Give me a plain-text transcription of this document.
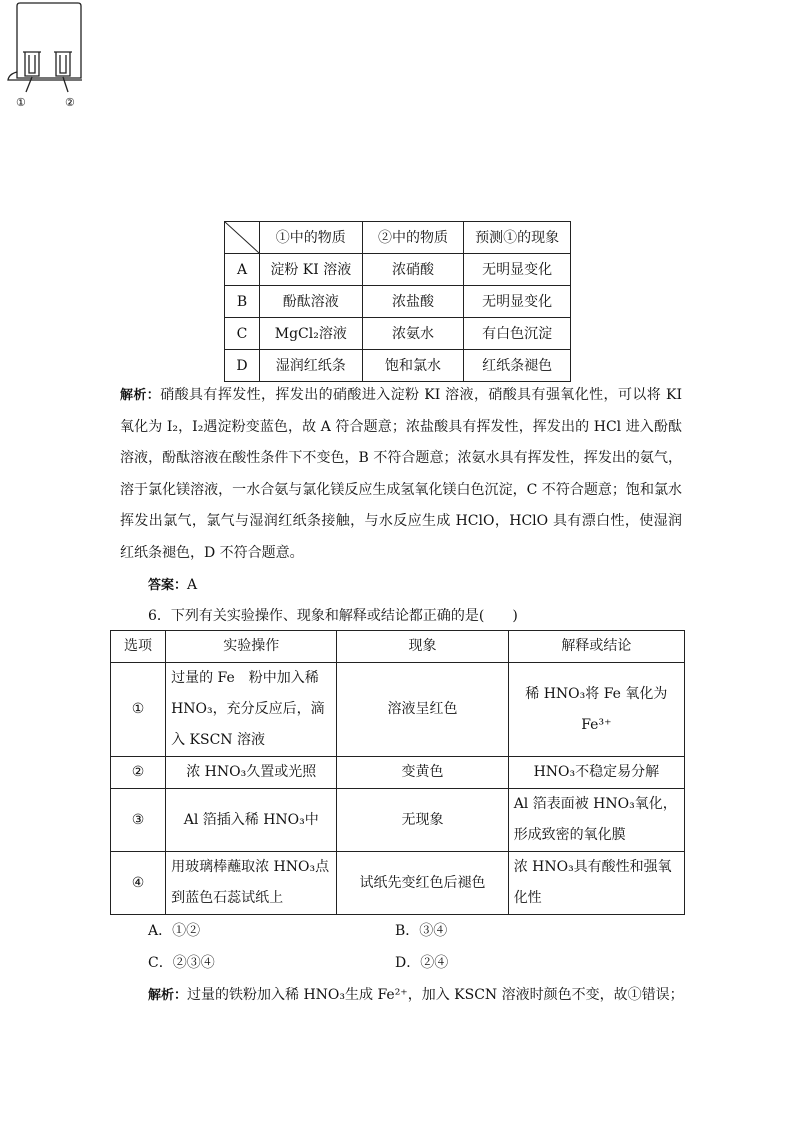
①	②
	①中的物质	②中的物质	预测①的现象
A	淀粉 KI 溶液	浓硝酸	无明显变化
B	酚酞溶液	浓盐酸	无明显变化
C	MgCl₂溶液	浓氨水	有白色沉淀
D	湿润红纸条	饱和氯水	红纸条褪色
解析：硝酸具有挥发性，挥发出的硝酸进入淀粉 KI 溶液，硝酸具有强氧化性，可以将 KI 氧化为 I₂，I₂遇淀粉变蓝色，故 A 符合题意；浓盐酸具有挥发性，挥发出的 HCl 进入酚酞溶液，酚酞溶液在酸性条件下不变色，B 不符合题意；浓氨水具有挥发性，挥发出的氨气，溶于氯化镁溶液，一水合氨与氯化镁反应生成氢氧化镁白色沉淀，C 不符合题意；饱和氯水挥发出氯气，氯气与湿润红纸条接触，与水反应生成 HClO，HClO 具有漂白性，使湿润红纸条褪色，D 不符合题意。
答案：A
6．下列有关实验操作、现象和解释或结论都正确的是(　　)
选项	实验操作	现象	解释或结论
①	过量的 Fe　粉中加入稀 HNO₃，充分反应后，滴入 KSCN 溶液	溶液呈红色	稀 HNO₃将 Fe 氧化为 Fe³⁺
②	浓 HNO₃久置或光照	变黄色	HNO₃不稳定易分解
③	Al 箔插入稀 HNO₃中	无现象	Al 箔表面被 HNO₃氧化，形成致密的氧化膜
④	用玻璃棒蘸取浓 HNO₃点到蓝色石蕊试纸上	试纸先变红色后褪色	浓 HNO₃具有酸性和强氧化性
A．①②	B．③④
C．②③④	D．②④
解析：过量的铁粉加入稀 HNO₃生成 Fe²⁺，加入 KSCN 溶液时颜色不变，故①错误；
